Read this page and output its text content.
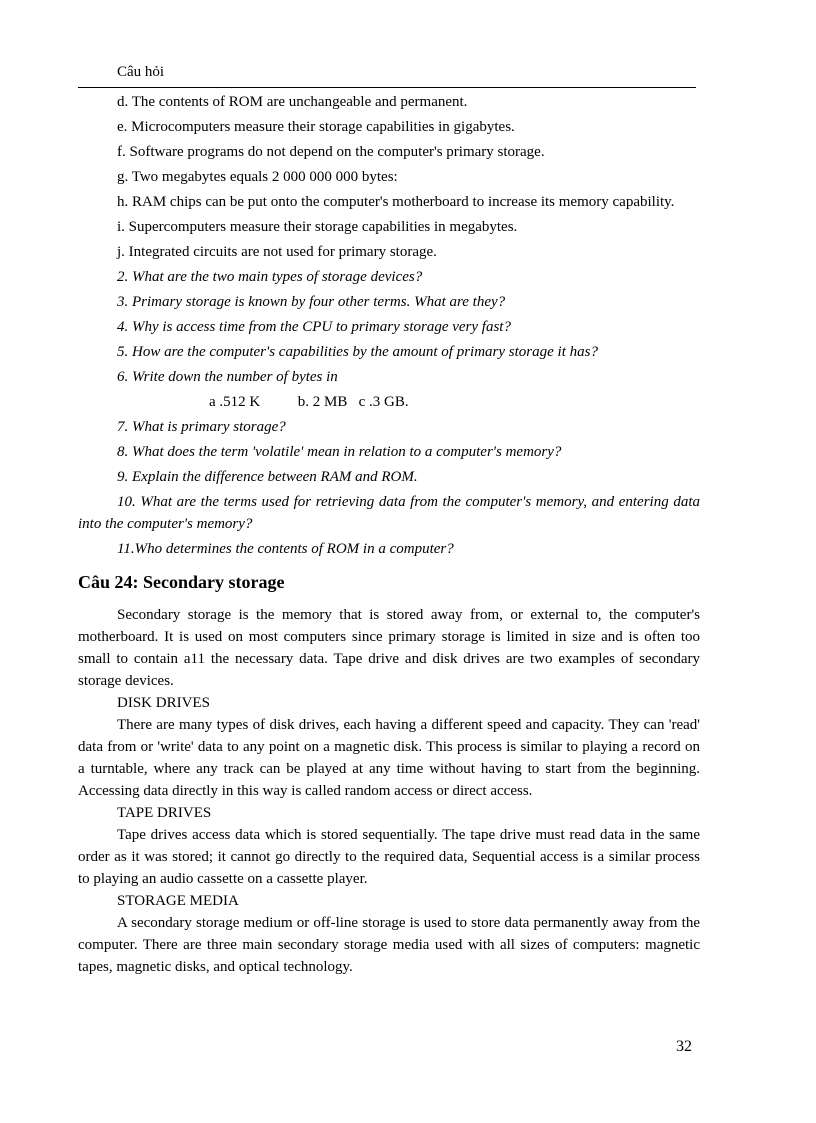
Câu hỏi
d. The contents of ROM are unchangeable and permanent.
e. Microcomputers measure their storage capabilities in gigabytes.
f. Software programs do not depend on the computer's primary storage.
g. Two megabytes equals 2 000 000 000 bytes:
h. RAM chips can be put onto the computer's motherboard to increase its memory capability.
i. Supercomputers measure their storage capabilities in megabytes.
j. Integrated circuits are not used for primary storage.
2. What are the two main types of storage devices?
3. Primary storage is known by four other terms. What are they?
4. Why is access time from the CPU to primary storage very fast?
5. How are the computer's capabilities by the amount of primary storage it has?
6. Write down the number of bytes in
a .512 K          b. 2 MB   c .3 GB.
7. What is primary storage?
8. What does the term 'volatile' mean in relation to a computer's memory?
9. Explain the difference between RAM and ROM.

10. What are the terms used for retrieving data from the computer's memory, and entering data into the computer's memory?

11.Who determines the contents of ROM in a computer?
Câu 24: Secondary storage

Secondary storage is the memory that is stored away from, or external to, the computer's motherboard. It is used on most computers since primary storage is limited in size and is often too small to contain a11 the necessary data. Tape drive and disk drives are two examples of secondary storage devices.

DISK DRIVES

There are many types of disk drives, each having a different speed and capacity. They can 'read' data from or 'write' data to any point on a magnetic disk. This process is similar to playing a record on a turntable, where any track can be played at any time without having to start from the beginning. Accessing data directly in this way is called random access or direct access.

TAPE DRIVES

Tape drives access data which is stored sequentially. The tape drive must read data in the same order as it was stored; it cannot go directly to the required data, Sequential access is a similar process to playing an audio cassette on a cassette player.

STORAGE MEDIA

A secondary storage medium or off-line storage is used to store data permanently away from the computer. There are three main secondary storage media used with all sizes of computers: magnetic tapes, magnetic disks, and optical technology.

32
